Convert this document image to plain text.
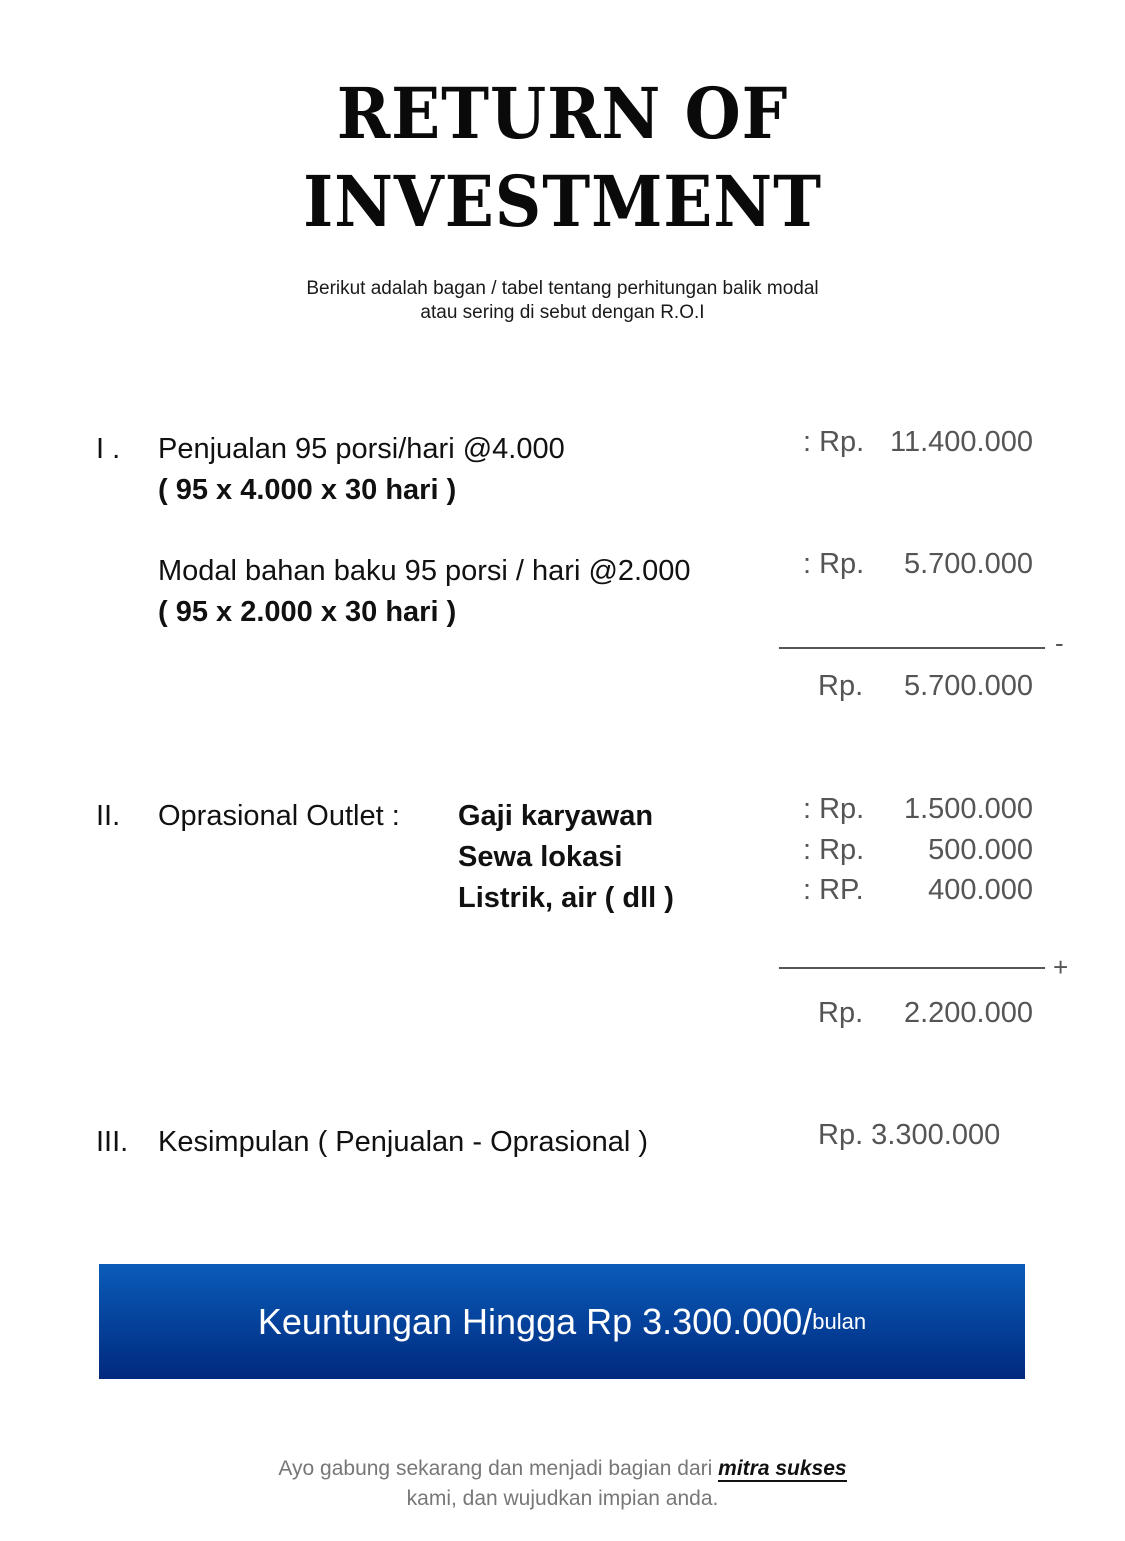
RETURN OF
INVESTMENT
Berikut adalah bagan / tabel tentang perhitungan balik modal
atau sering di sebut dengan R.O.I
I . Penjualan 95 porsi/hari @4.000
( 95 x 4.000 x 30 hari )
: Rp. 11.400.000
Modal bahan baku 95 porsi / hari @2.000
( 95 x 2.000 x 30 hari )
: Rp. 5.700.000
-
Rp. 5.700.000
II. Oprasional Outlet : Gaji karyawan
Sewa lokasi
Listrik, air ( dll )
: Rp. 1.500.000
: Rp. 500.000
: RP. 400.000
+
Rp. 2.200.000
III. Kesimpulan ( Penjualan - Oprasional )	Rp. 3.300.000
Keuntungan Hingga Rp 3.300.000/ bulan
Ayo gabung sekarang dan menjadi bagian dari mitra sukses
kami, dan wujudkan impian anda.
